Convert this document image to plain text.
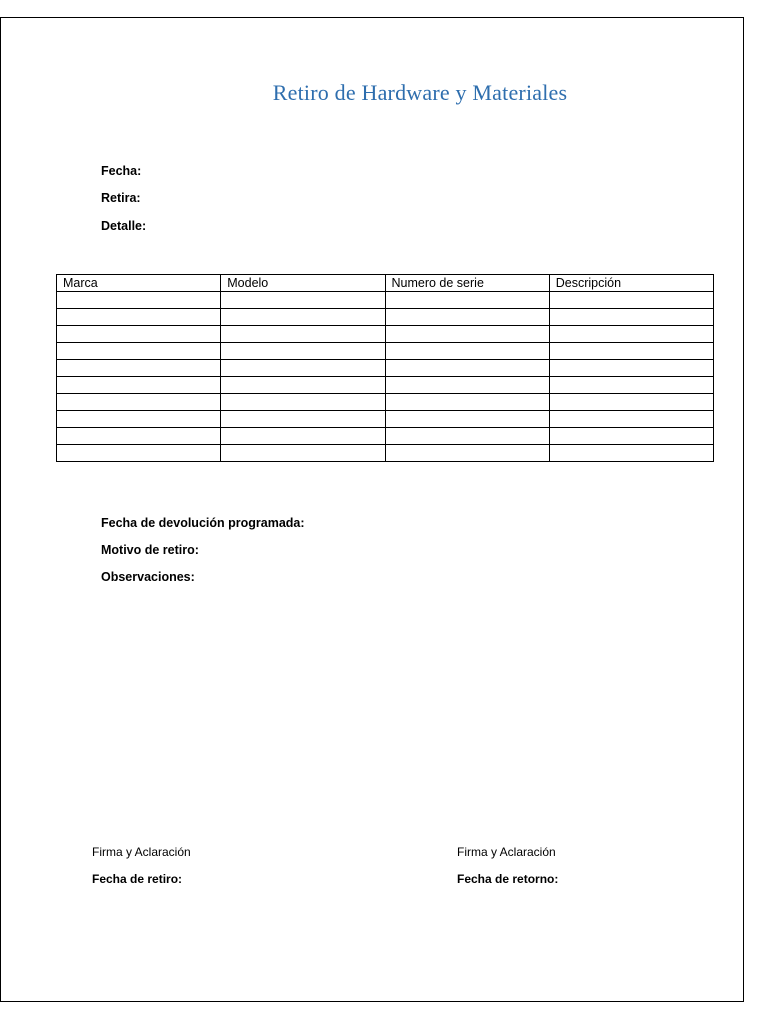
Retiro de Hardware y Materiales
Fecha:
Retira:
Detalle:
Marca	Modelo	Numero de serie	Descripción

Fecha de devolución programada:
Motivo de retiro:
Observaciones:
Firma y Aclaración
Fecha de retiro:
Firma y Aclaración
Fecha de retorno:
